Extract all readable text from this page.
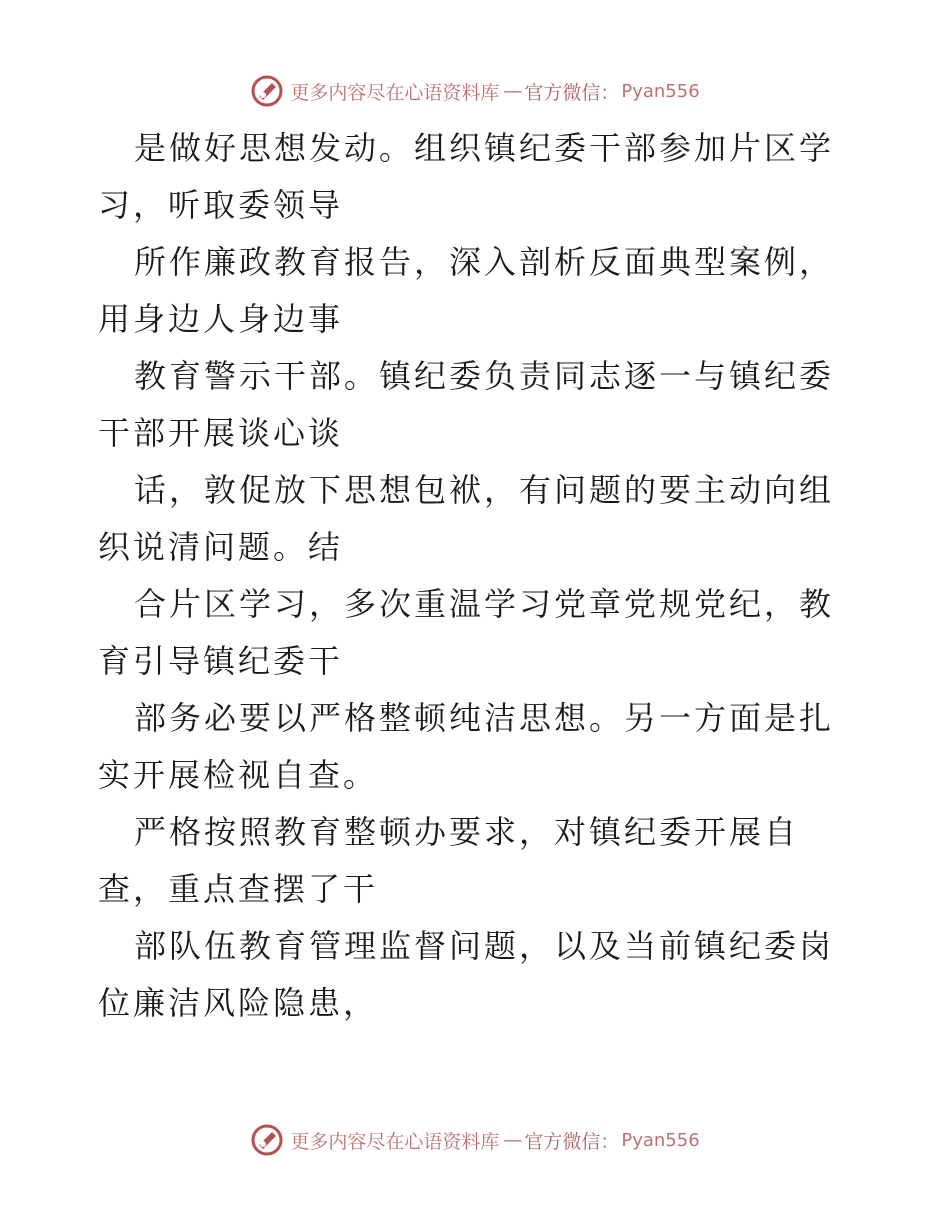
更多内容尽在心语资料库 — 官方微信： Pyan556

是做好思想发动。组织镇纪委干部参加片区学习，听取委领导

所作廉政教育报告，深入剖析反面典型案例，用身边人身边事

教育警示干部。镇纪委负责同志逐一与镇纪委干部开展谈心谈

话，敦促放下思想包袱，有问题的要主动向组织说清问题。结

合片区学习，多次重温学习党章党规党纪，教育引导镇纪委干

部务必要以严格整顿纯洁思想。另一方面是扎实开展检视自查。

严格按照教育整顿办要求，对镇纪委开展自查，重点查摆了干

部队伍教育管理监督问题，以及当前镇纪委岗位廉洁风险隐患，

更多内容尽在心语资料库 — 官方微信： Pyan556
